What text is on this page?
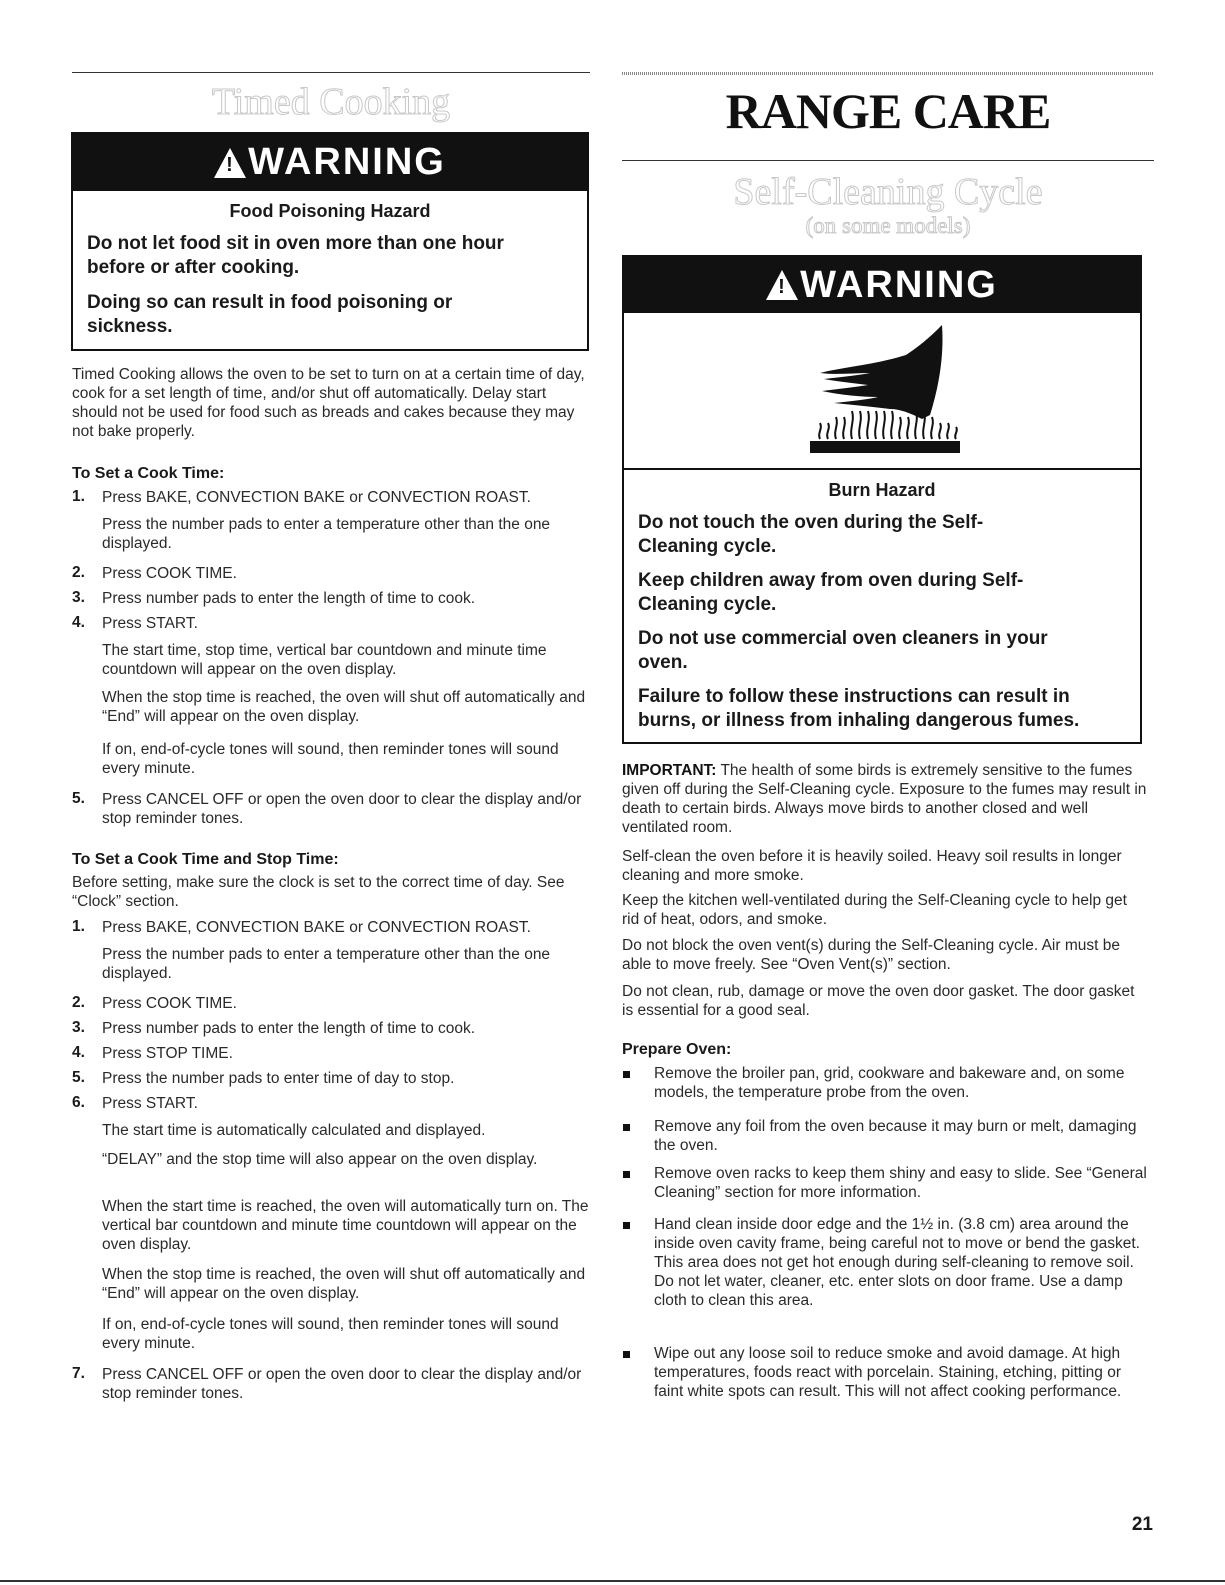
Timed Cooking
!
WARNING
Food Poisoning Hazard
Do not let food sit in oven more than one hour before or after cooking.
Doing so can result in food poisoning or sickness.
Timed Cooking allows the oven to be set to turn on at a certain time of day, cook for a set length of time, and/or shut off automatically. Delay start should not be used for food such as breads and cakes because they may not bake properly.
To Set a Cook Time:
1. Press BAKE, CONVECTION BAKE or CONVECTION ROAST.
Press the number pads to enter a temperature other than the one displayed.
2. Press COOK TIME.
3. Press number pads to enter the length of time to cook.
4. Press START.
The start time, stop time, vertical bar countdown and minute time countdown will appear on the oven display.
When the stop time is reached, the oven will shut off automatically and “End” will appear on the oven display.
If on, end-of-cycle tones will sound, then reminder tones will sound every minute.
5. Press CANCEL OFF or open the oven door to clear the display and/or stop reminder tones.
To Set a Cook Time and Stop Time:
Before setting, make sure the clock is set to the correct time of day. See “Clock” section.
1. Press BAKE, CONVECTION BAKE or CONVECTION ROAST.
Press the number pads to enter a temperature other than the one displayed.
2. Press COOK TIME.
3. Press number pads to enter the length of time to cook.
4. Press STOP TIME.
5. Press the number pads to enter time of day to stop.
6. Press START.
The start time is automatically calculated and displayed.
“DELAY” and the stop time will also appear on the oven display.
When the start time is reached, the oven will automatically turn on. The vertical bar countdown and minute time countdown will appear on the oven display.
When the stop time is reached, the oven will shut off automatically and “End” will appear on the oven display.
If on, end-of-cycle tones will sound, then reminder tones will sound every minute.
7. Press CANCEL OFF or open the oven door to clear the display and/or stop reminder tones.
RANGE CARE
Self-Cleaning Cycle
(on some models)
!
WARNING
Burn Hazard
Do not touch the oven during the Self-Cleaning cycle.
Keep children away from oven during Self-Cleaning cycle.
Do not use commercial oven cleaners in your oven.
Failure to follow these instructions can result in burns, or illness from inhaling dangerous fumes.
IMPORTANT: The health of some birds is extremely sensitive to the fumes given off during the Self-Cleaning cycle. Exposure to the fumes may result in death to certain birds. Always move birds to another closed and well ventilated room.
Self-clean the oven before it is heavily soiled. Heavy soil results in longer cleaning and more smoke.
Keep the kitchen well-ventilated during the Self-Cleaning cycle to help get rid of heat, odors, and smoke.
Do not block the oven vent(s) during the Self-Cleaning cycle. Air must be able to move freely. See “Oven Vent(s)” section.
Do not clean, rub, damage or move the oven door gasket. The door gasket is essential for a good seal.
Prepare Oven:
Remove the broiler pan, grid, cookware and bakeware and, on some models, the temperature probe from the oven.
Remove any foil from the oven because it may burn or melt, damaging the oven.
Remove oven racks to keep them shiny and easy to slide. See “General Cleaning” section for more information.
Hand clean inside door edge and the 1½ in. (3.8 cm) area around the inside oven cavity frame, being careful not to move or bend the gasket. This area does not get hot enough during self-cleaning to remove soil. Do not let water, cleaner, etc. enter slots on door frame. Use a damp cloth to clean this area.
Wipe out any loose soil to reduce smoke and avoid damage. At high temperatures, foods react with porcelain. Staining, etching, pitting or faint white spots can result. This will not affect cooking performance.
21
